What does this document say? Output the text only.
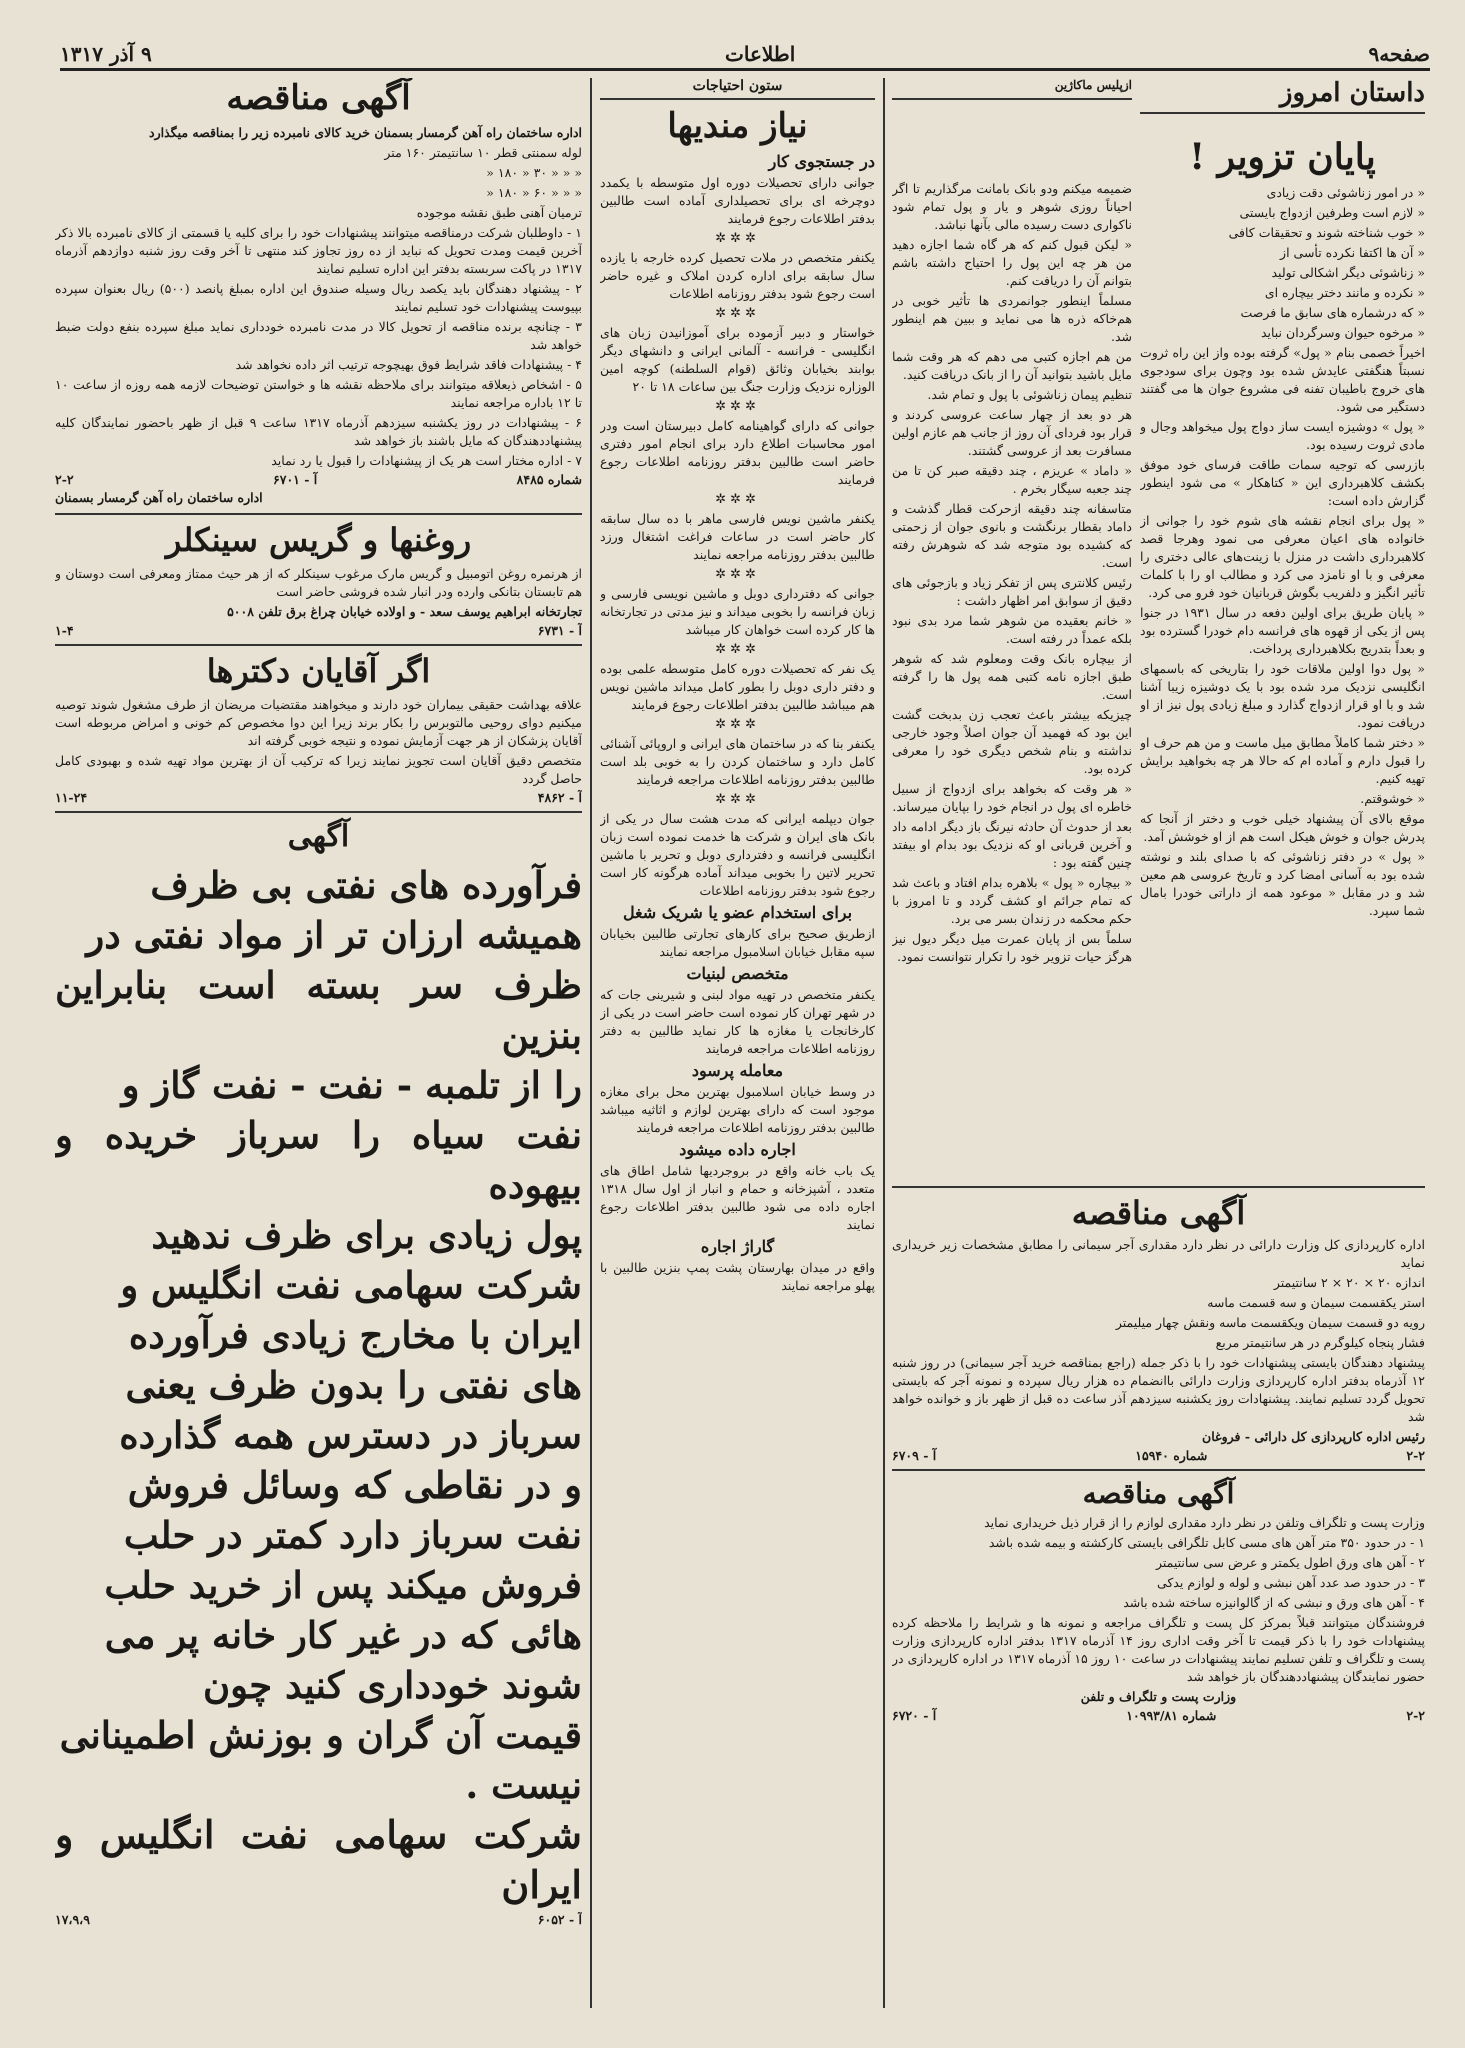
صفحه۹
اطلاعات
۹ آذر ۱۳۱۷
داستان امروز
پایان تزویر !

« در امور زناشوئی دقت زیادی

« لازم است وطرفین ازدواج بایستی

« خوب شناخته شوند و تحقیقات کافی

« آن ها اکتفا نکرده تأسی از

« زناشوئی دیگر اشکالی تولید

« نکرده و مانند دختر بیچاره ای

« که درشماره های سابق ما فرصت

« مرخوه حیوان وسرگردان نباید

اخیراً خصمی بنام « پول» گرفته بوده واز این راه ثروت نسبتاً هنگفتی عاید‌ش شده بود وچون برای سودجوی های خروج باطیبان تفنه فی مشروع جوان ها می گفتند دستگیر می شود.

« پول » دوشیزه ایست ساز دواج پول میخواهد وجال و مادی ثروت رسیده بود.

بازرسی که توجیه سمات طاقت فرسای خود موفق بکشف کلاهبرداری این « کتاهکار » می شود اینطور گزارش داده است:

« پول برای انجام نقشه های شوم خود را جوانی از خانواده های اعیان معرفی می نمود وهرجا قصد کلاهبرداری داشت در منزل با زینت‌های عالی دختری را معرفی و با او نامزد می کرد و مطالب او را با کلمات تأثیر انگیز و دلفریب بگوش قربانیان خود فرو می کرد.

« پایان طریق برای اولین دفعه در سال ۱۹۳۱ در جنوا پس از یکی از قهوه های فرانسه دام خودرا گسترده بود و بعداً بتدریج بکلاهبرداری پرداخت.

« پول دوا اولین ملاقات خود را بتاریخی که باسمهای انگلیسی نزدیک مرد شده بود با یک دوشیزه زیبا آشنا شد و با او قرار ازدواج گذارد و مبلغ زیادی پول نیز از او دریافت نمود.

« دختر شما کاملاً مطابق میل ماست و من هم حرف او را قبول دارم و آماده ام که حالا هر چه بخواهید برایش تهیه کنیم.

« خوشوقتم.

موقع بالای آن پیشنهاد خیلی خوب و دختر از آنجا که پدرش جوان و خوش هیکل است هم از او خوشش آمد.

« پول » در دفتر زناشوئی که با صدای بلند و نوشته شده بود به آسانی امضا کرد و تاریخ عروسی هم معین شد و در مقابل « موعود همه از داراتی خودرا بامال شما سپرد.

ازپلیس ماکاژین

ضمیمه میکنم ودو بانک بامانت مرگذاریم تا اگر احیاناً روزی شوهر و یار و پول تمام شود ناکواری دست رسیده مالی بآنها نباشد.

« لیکن قبول کنم که هر گاه شما اجازه دهید من هر چه این پول را احتیاج داشته باشم بتوانم آن را دریافت کنم.

مسلماً اینطور جوانمرد‌ی ها تأثیر خوبی در هم‌خاکه ذره ها می نماید و ببین هم اینطور شد.

من هم اجازه کتبی می دهم که هر وقت شما مایل باشید بتوانید آن را از بانک دریافت کنید.

تنظیم پیمان زناشوئی با پول و تمام شد.

هر دو بعد از چهار ساعت عروسی کردند و قرار بود فردای آن روز از جانب هم عازم اولین مسافرت بعد از عروسی گشتند.

« داماد » عریزم ، چند دقیقه صبر کن تا من چند جعبه سیگار بخرم .

متاسفانه چند دقیقه ازحرکت قطار گذشت و داماد بقطار برنگشت و بانوی جوان از زحمتی که کشیده بود متوجه شد که شوهرش رفته است.

رئیس کلانتری پس از تفکر زیاد و بازجوئی های دقیق از سوابق امر اظهار داشت :

« خانم بعقیده من شوهر شما مرد بدی نبود بلکه عمداً در رفته است.

از بیچاره بانک وقت ومعلوم شد که شوهر طبق اجازه نامه کتبی همه پول ها را گرفته است.

چیزیکه بیشتر باعث تعجب زن بدبخت گشت این بود که فهمید آن جوان اصلاً وجود خارجی نداشته و بنام شخص دیگری خود را معرفی کرده بود.

« هر وقت که بخواهد برای ازدواج از سبیل خاطره ای پول در انجام ‌خود را بپایان میرساند.

بعد از حدوث آن حادثه نیرنگ باز دیگر ادامه داد و آخرین قربانی او که نزدیک بود بدام او بیفتد چنین گفته بود :

« بیچاره « پول » بلاهره بدام افتاد و باعث شد که تمام جرائم او کشف گردد و تا امروز با حکم محکمه در زندان بسر می برد.

سلماً بس از پایان عمرت میل دیگر دیول نیز هرگز حیات تزویر خود را تکرار نتوانست نمود.

آگهی مناقصه

اداره کارپردازی کل وزارت دارائی در نظر دارد مقداری آجر سیمانی را مطابق مشخصات زیر خریداری نماید

اندازه ۲۰ × ۲۰ × ۲ سانتیمتر

استر یکقسمت سیمان و سه قسمت ماسه

رویه دو قسمت سیمان ویکقسمت ماسه ونقش چهار میلیمتر

فشار پنجاه کیلوگرم در هر سانتیمتر مربع

پیشنهاد دهندگان بایستی پیشنهادات خود را با ذکر جمله (راجع بمناقصه خرید آجر سیمانی) در روز شنبه ۱۲ آذرماه بدفتر اداره کارپردازی وزارت دارائی باانضمام ده هزار ریال سپرده و نمونه آجر که بایستی تحویل گردد تسلیم نمایند. پیشنهادات روز یکشنبه سیزدهم آذر ساعت ده قبل از ظهر باز و خوانده خواهد شد

رئیس اداره کارپردازی کل دارائی - فروغان

آ - ۶۷۰۹	شماره ۱۵۹۴۰	۲-۲
آگهی مناقصه

وزارت پست و تلگراف وتلفن در نظر دارد مقداری لوازم را از قرار ذیل خریداری نماید

۱ - در حدود ۳۵۰ متر آهن های مسی کابل تلگرافی بایستی کارکشته و بیمه شده باشد

۲ - آهن های ورق اطول یکمتر و عرض سی سانتیمتر

۳ - در حدود صد عدد آهن نبشی و لوله و لوازم یدکی

۴ - آهن های ورق و نبشی که از گالوانیزه ساخته شده باشد

فروشندگان میتوانند قبلاً بمرکز کل پست و تلگراف مراجعه و نمونه ها و شرایط را ملاحظه کرده پیشنهادات خود را با ذکر قیمت تا آخر وقت اداری روز ۱۴ آذرماه ۱۳۱۷ بدفتر اداره کارپردازی وزارت پست و تلگراف و تلفن تسلیم نمایند پیشنهادات در ساعت ۱۰ روز ۱۵ آذرماه ۱۳۱۷ در اداره کارپردازی در حضور نمایندگان پیشنهاددهندگان باز خواهد شد

وزارت پست و تلگراف و تلفن

آ - ۶۷۲۰	شماره ۱۰۹۹۳/۸۱	۲-۲
ستون احتیاجات
نیاز مندیها
در جستجوی کار

جوانی دارای تحصیلات دوره اول متوسطه با یکمدد دوچرخه ای برای تحصیلداری آماده است طالبین بدفتر اطلاعات رجوع فرمایند

✲✲✲

یکنفر متخصص در ملات تحصیل کرده خارجه با یازده سال سابقه برای اداره کردن املاک و غیره حاضر است رجوع شود بدفتر روزنامه اطلاعات

✲✲✲

خواستار و دبیر آزموده برای آموزانیدن زبان های انگلیسی - فرانسه - آلمانی ایرانی و دانشهای دیگر بوابند بخیابان وثائق (قوام السلطنه) کوچه امین الوزاره نزدیک وزارت جنگ بین ساعات ۱۸ تا ۲۰

✲✲✲

جوانی که دارای گواهینامه کامل دبیرستان است ودر امور محاسبات اطلاع دارد برای انجام امور دفتری حاضر است طالبین بدفتر روزنامه اطلاعات رجوع فرمایند

✲✲✲

یکنفر ماشین نویس فارسی ماهر با ده سال سابقه کار حاضر است در ساعات فراغت اشتغال ورزد طالبین بدفتر روزنامه مراجعه نمایند

✲✲✲

جوانی که دفترداری دوبل و ماشین نویسی فارسی و زبان فرانسه را بخوبی میداند و نیز مدتی در تجارتخانه ها کار کرده است خواهان کار میباشد

✲✲✲

یک نفر که تحصیلات دوره کامل متوسطه علمی بوده و دفتر داری دوبل را بطور کامل میداند ماشین نویس هم میباشد طالبین بدفتر اطلاعات رجوع فرمایند

✲✲✲

یکنفر بنا که در ساختمان های ایرانی و اروپائی آشنائی کامل دارد و ساختمان کردن را به خوبی بلد است طالبین بدفتر روزنامه اطلاعات مراجعه فرمایند

✲✲✲

جوان دیپلمه ایرانی که مدت هشت سال در یکی از بانک های ایران و شرکت ها خدمت نموده است زبان انگلیسی فرانسه و دفترداری دوبل و تحریر با ماشین تحریر لاتین را بخوبی میداند آماده هرگونه کار است رجوع شود بدفتر روزنامه اطلاعات

برای استخدام عضو یا شریک شغل

ازطریق صحیح برای کارهای تجارتی طالبین بخیابان سپه مقابل خیابان اسلامبول مراجعه نمایند

متخصص لبنیات

یکنفر متخصص در تهیه مواد لبنی و شیرینی جات که در شهر تهران کار نموده است حاضر است در یکی از کارخانجات یا مغازه ها کار نماید طالبین به دفتر روزنامه اطلاعات مراجعه فرمایند

معامله پرسود

در وسط خیابان اسلامبول بهترین محل برای مغازه موجود است که دارای بهترین لوازم و اثاثیه میباشد طالبین بدفتر روزنامه اطلاعات مراجعه فرمایند

اجاره داده میشود

یک باب خانه واقع در بروجردیها شامل اطاق های متعدد ، آشپزخانه و حمام و انبار از اول سال ۱۳۱۸ اجاره داده می شود طالبین بدفتر اطلاعات رجوع نمایند

گاراژ اجاره

واقع در میدان بهارستان پشت پمپ بنزین طالبین با پهلو مراجعه نمایند

آگهی مناقصه

اداره ساختمان راه آهن گرمسار بسمنان خرید کالای نامبرده زیر را بمناقصه میگذارد

لوله سمنتی قطر ۱۰ سانتیمتر ۱۶۰ متر

« « « ۳۰ « ۱۸۰ «

« « « ۶۰ « ۱۸۰ «

ترمیان آهنی طبق نقشه موجوده

۱ - داوطلبان شرکت درمناقصه میتوانند پیشنهادات خود را برای کلیه یا قسمتی از کالای نامبرده بالا ذکر آخرین قیمت ومدت تحویل که نباید از ده روز تجاوز کند منتهی تا آخر وقت روز شنبه دوازدهم آذرماه ۱۳۱۷ در پاکت سربسته بدفتر این اداره تسلیم نمایند

۲ - پیشنهاد دهندگان باید یکصد ریال وسیله صندوق این اداره بمبلغ پانصد (۵۰۰) ریال بعنوان سپرده بپیوست پیشنهادات خود تسلیم نمایند

۳ - چنانچه برنده مناقصه از تحویل کالا در مدت نامبرده خودداری نماید مبلغ سپرده بنفع دولت ضبط خواهد شد

۴ - پیشنهادات فاقد شرایط فوق بهیچوجه ترتیب اثر داده نخواهد شد

۵ - اشخاص ذیعلاقه میتوانند برای ملاحظه نقشه ها و خواستن توضیحات لازمه همه روزه از ساعت ۱۰ تا ۱۲ باداره مراجعه نمایند

۶ - پیشنهادات در روز یکشنبه سیزدهم آذرماه ۱۳۱۷ ساعت ۹ قبل از ظهر باحضور نمایندگان کلیه پیشنهاددهندگان که مایل باشند باز خواهد شد

۷ - اداره مختار است هر یک از پیشنهادات را قبول یا رد نماید

۲-۲	آ - ۶۷۰۱	شماره ۸۴۸۵

اداره ساختمان راه آهن گرمسار بسمنان

روغنها و گریس سینکلر

از هرنمره روغن اتومبیل و گریس مارک مرغوب سینکلر که از هر حیث ممتاز ومعرفی است دوستان و هم تابستان بتانکی وارده ودر انبار شده فروشی حاضر است

تجارتخانه ابراهیم یوسف سعد - و اولاده خیابان چراغ برق تلفن ۵۰۰۸

۱-۴	آ - ۶۷۳۱
اگر آقایان دکترها

علاقه بهداشت حقیقی بیماران خود دارند و میخواهند مقتضیات مریضان از طرف مشغول شوند توصیه میکنیم دوای روحیی مالتوبرس را بکار برند زیرا این دوا مخصوص کم خونی و امراض مربوطه است آقایان پزشکان از هر جهت آزمایش نموده و نتیجه خوبی گرفته اند

متخصص دقیق آقایان است تجویز نمایند زیرا که ترکیب آن از بهترین مواد تهیه شده و بهبودی کامل حاصل گردد

۱۱-۲۴	آ - ۴۸۶۲
آگهی

فرآورده های نفتی بی ظرف

همیشه ارزان تر از مواد نفتی در

ظرف سر بسته است بنابراین بنزین

را از تلمبه - نفت - نفت گاز و

نفت سیاه را سرباز خریده و بیهوده

پول زیادی برای ظرف ندهید

شرکت سهامی نفت انگلیس و

ایران با مخارج زیادی فرآورده

های نفتی را بدون ظرف یعنی

سرباز در دسترس همه گذارده

و در نقاطی که وسائل فروش

نفت سرباز دارد کمتر در حلب

فروش میکند پس از خرید حلب

هائی که در غیر کار خانه پر می

شوند خودداری کنید چون

قیمت آن گران و بوزنش اطمینانی

نیست .

شرکت سهامی نفت انگلیس و ایران

۱۷،۹،۹	آ - ۶۰۵۲
